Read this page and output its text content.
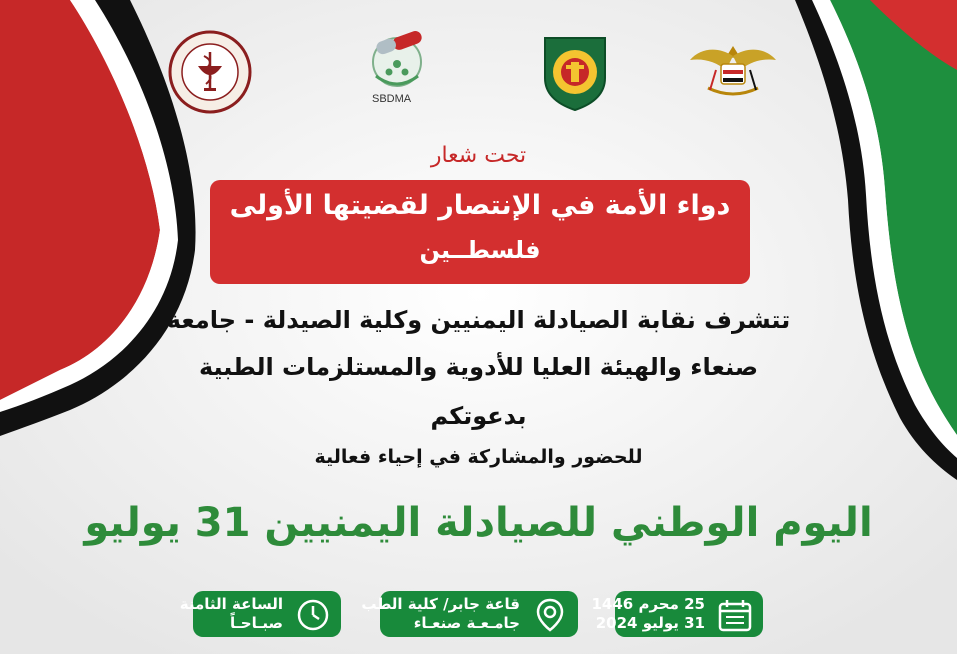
SBDMA
تحت شعار
دواء الأمة في الإنتصار لقضيتها الأولى
فلسطــين
تتشرف نقابة الصيادلة اليمنيين وكلية الصيدلة - جامعة
صنعاء والهيئة العليا للأدوية والمستلزمات الطبية
بدعوتكم
للحضور والمشاركة في إحياء فعالية
اليوم الوطني للصيادلة اليمنيين 31 يوليو
25 محرم 1446
31 يوليو 2024
قاعة جابر/ كلية الطب
جامـعـة صنعـاء
الساعة الثامنة
صبـاحـاً
